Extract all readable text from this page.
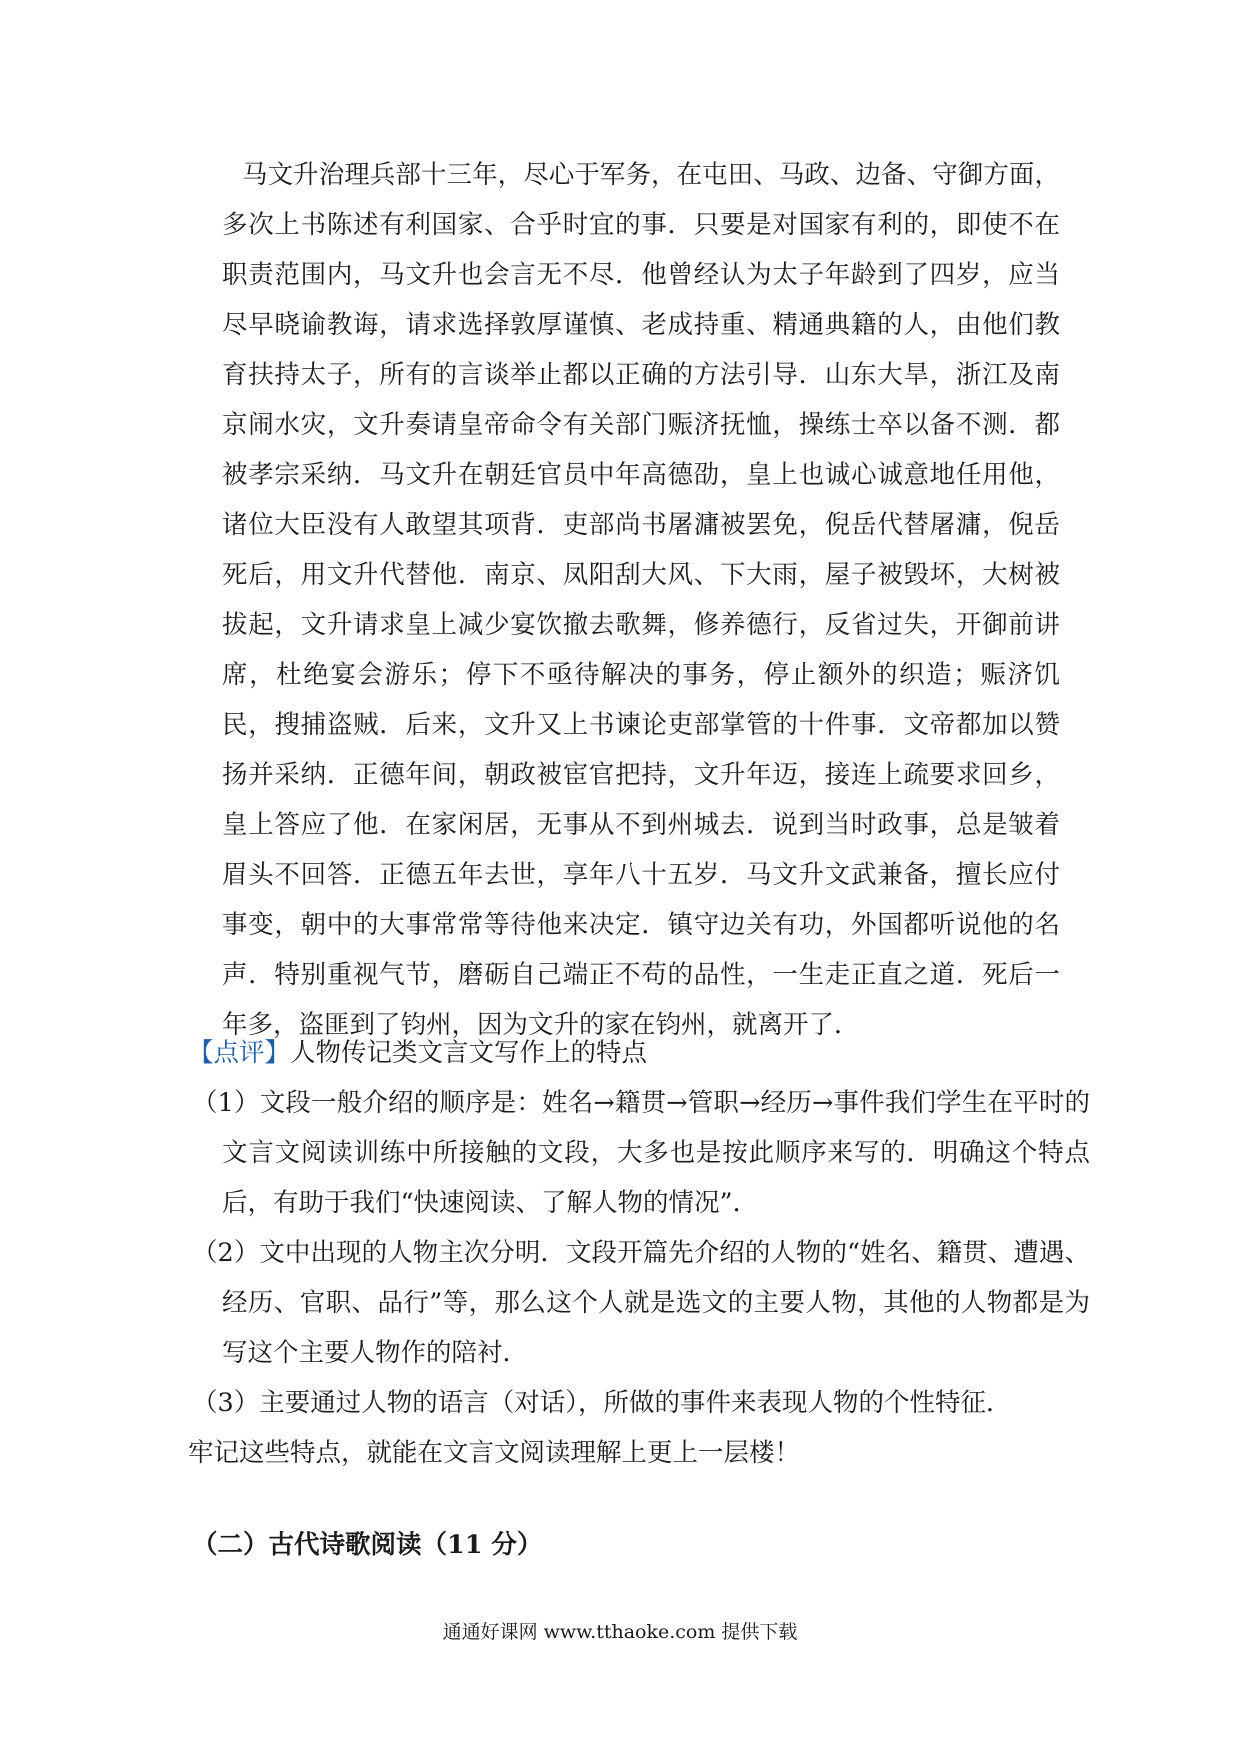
马文升治理兵部十三年，尽心于军务，在屯田、马政、边备、守御方面，多次上书陈述有利国家、合乎时宜的事．只要是对国家有利的，即使不在职责范围内，马文升也会言无不尽．他曾经认为太子年龄到了四岁，应当尽早晓谕教诲，请求选择敦厚谨慎、老成持重、精通典籍的人，由他们教育扶持太子，所有的言谈举止都以正确的方法引导．山东大旱，浙江及南京闹水灾，文升奏请皇帝命令有关部门赈济抚恤，操练士卒以备不测．都被孝宗采纳．马文升在朝廷官员中年高德劭，皇上也诚心诚意地任用他，诸位大臣没有人敢望其项背．吏部尚书屠滽被罢免，倪岳代替屠滽，倪岳死后，用文升代替他．南京、凤阳刮大风、下大雨，屋子被毁坏，大树被拔起，文升请求皇上减少宴饮撤去歌舞，修养德行，反省过失，开御前讲席，杜绝宴会游乐；停下不亟待解决的事务，停止额外的织造；赈济饥民，搜捕盗贼．后来，文升又上书谏论吏部掌管的十件事．文帝都加以赞扬并采纳．正德年间，朝政被宦官把持，文升年迈，接连上疏要求回乡，皇上答应了他．在家闲居，无事从不到州城去．说到当时政事，总是皱着眉头不回答．正德五年去世，享年八十五岁．马文升文武兼备，擅长应付事变，朝中的大事常常等待他来决定．镇守边关有功，外国都听说他的名声．特别重视气节，磨砺自己端正不苟的品性，一生走正直之道．死后一年多，盗匪到了钧州，因为文升的家在钧州，就离开了．

【点评】人物传记类文言文写作上的特点

（1）文段一般介绍的顺序是：姓名→籍贯→管职→经历→事件我们学生在平时的文言文阅读训练中所接触的文段，大多也是按此顺序来写的．明确这个特点后，有助于我们“快速阅读、了解人物的情况”．

（2）文中出现的人物主次分明．文段开篇先介绍的人物的“姓名、籍贯、遭遇、经历、官职、品行”等，那么这个人就是选文的主要人物，其他的人物都是为写这个主要人物作的陪衬．

（3）主要通过人物的语言（对话），所做的事件来表现人物的个性特征．

牢记这些特点，就能在文言文阅读理解上更上一层楼！

（二）古代诗歌阅读（11 分）

通通好课网 www.tthaoke.com 提供下载
